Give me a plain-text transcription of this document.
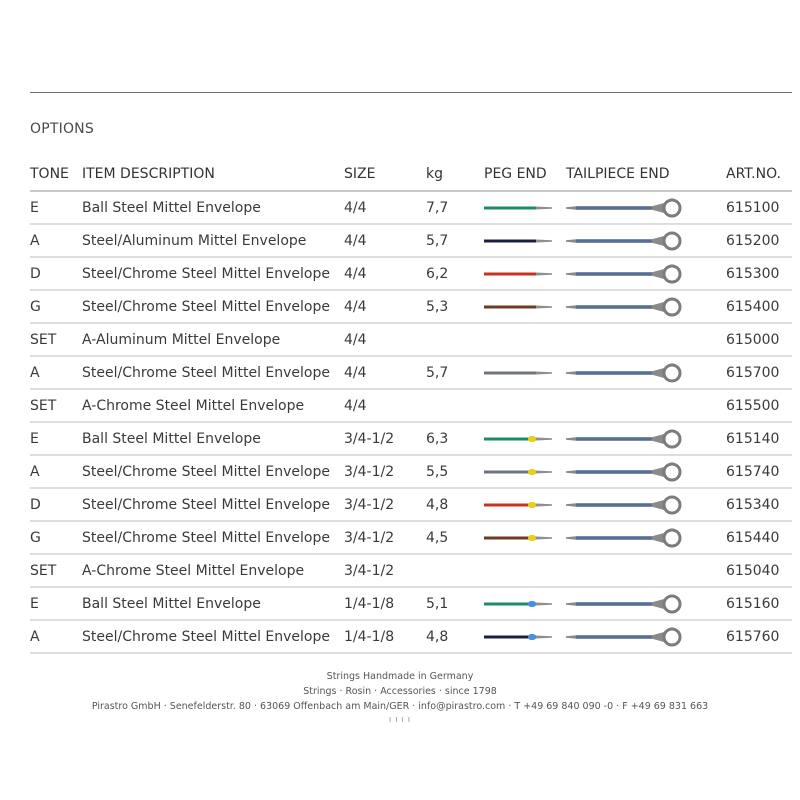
OPTIONS
TONE	ITEM DESCRIPTION	SIZE	kg	PEG END	TAILPIECE END	ART.NO.
E	Ball Steel Mittel Envelope	4/4	7,7			615100
A	Steel/Aluminum Mittel Envelope	4/4	5,7			615200
D	Steel/Chrome Steel Mittel Envelope	4/4	6,2			615300
G	Steel/Chrome Steel Mittel Envelope	4/4	5,3			615400
SET	A-Aluminum Mittel Envelope	4/4				615000
A	Steel/Chrome Steel Mittel Envelope	4/4	5,7			615700
SET	A-Chrome Steel Mittel Envelope	4/4				615500
E	Ball Steel Mittel Envelope	3/4-1/2	6,3			615140
A	Steel/Chrome Steel Mittel Envelope	3/4-1/2	5,5			615740
D	Steel/Chrome Steel Mittel Envelope	3/4-1/2	4,8			615340
G	Steel/Chrome Steel Mittel Envelope	3/4-1/2	4,5			615440
SET	A-Chrome Steel Mittel Envelope	3/4-1/2				615040
E	Ball Steel Mittel Envelope	1/4-1/8	5,1			615160
A	Steel/Chrome Steel Mittel Envelope	1/4-1/8	4,8			615760
Strings Handmade in Germany
Strings · Rosin · Accessories · since 1798
Pirastro GmbH · Senefelderstr. 80 · 63069 Offenbach am Main/GER · info@pirastro.com · T +49 69 840 090 -0 · F +49 69 831 663
I I I I
